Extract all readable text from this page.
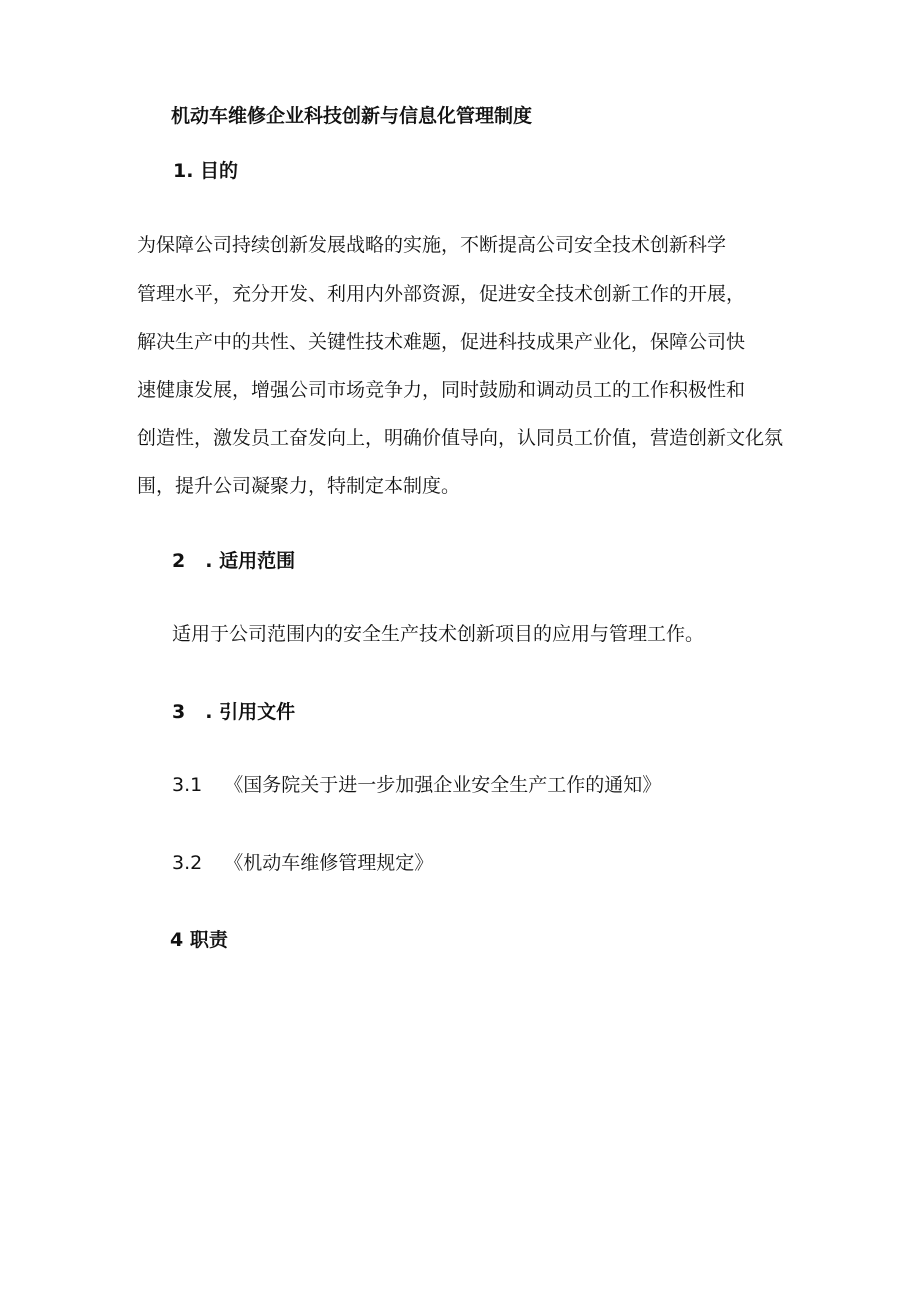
机动车维修企业科技创新与信息化管理制度
1. 目的
为保障公司持续创新发展战略的实施，不断提高公司安全技术创新科学
管理水平，充分开发、利用内外部资源，促进安全技术创新工作的开展，
解决生产中的共性、关键性技术难题，促进科技成果产业化，保障公司快
速健康发展，增强公司市场竞争力，同时鼓励和调动员工的工作积极性和
创造性，激发员工奋发向上，明确价值导向，认同员工价值，营造创新文化氛
围，提升公司凝聚力，特制定本制度。
2 . 适用范围
适用于公司范围内的安全生产技术创新项目的应用与管理工作。
3 . 引用文件
3.1 《国务院关于进一步加强企业安全生产工作的通知》
3.2 《机动车维修管理规定》
4 职责
